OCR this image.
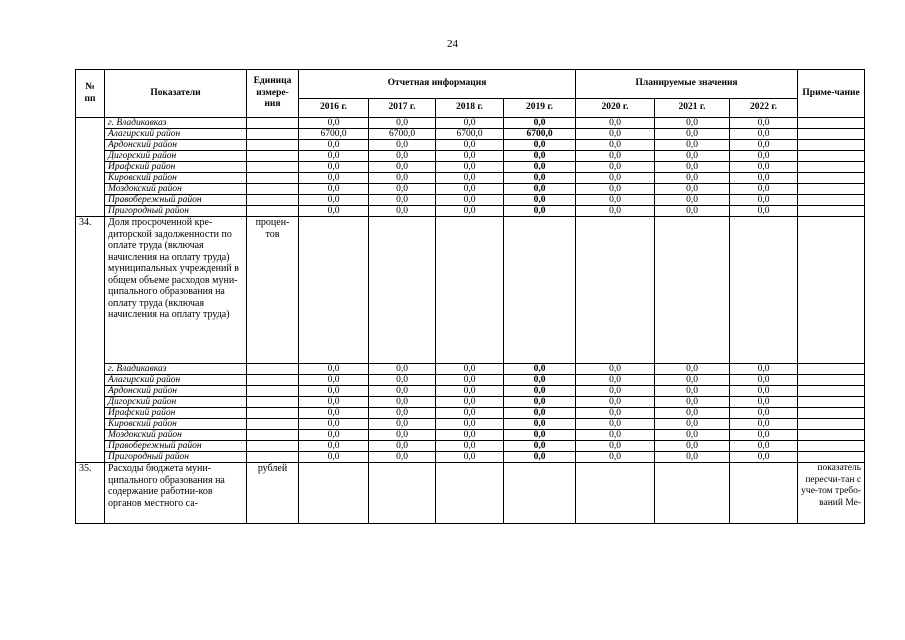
24
№ пп	Показатели	Единица измере-ния	Отчетная информация				Планируемые значения			Приме-чание
			2016 г.	2017 г.	2018 г.	2019 г.	2020 г.	2021 г.	2022 г.	
	г. Владикавказ		0,0	0,0	0,0	0,0	0,0	0,0	0,0	
	Алагирский район		6700,0	6700,0	6700,0	6700,0	0,0	0,0	0,0	
	Ардонский район		0,0	0,0	0,0	0,0	0,0	0,0	0,0	
	Дигорский район		0,0	0,0	0,0	0,0	0,0	0,0	0,0	
	Ирафский район		0,0	0,0	0,0	0,0	0,0	0,0	0,0	
	Кировский район		0,0	0,0	0,0	0,0	0,0	0,0	0,0	
	Моздокский район		0,0	0,0	0,0	0,0	0,0	0,0	0,0	
	Правобережный район		0,0	0,0	0,0	0,0	0,0	0,0	0,0	
	Пригородный район		0,0	0,0	0,0	0,0	0,0	0,0	0,0	
34.	Доля просроченной кре-диторской задолженности по оплате труда (включая начисления на оплату труда) муниципальных учреждений в общем объеме расходов муни-ципального образования на оплату труда (включая начисления на оплату труда)	процен-тов								
	г. Владикавказ		0,0	0,0	0,0	0,0	0,0	0,0	0,0	
	Алагирский район		0,0	0,0	0,0	0,0	0,0	0,0	0,0	
	Ардонский район		0,0	0,0	0,0	0,0	0,0	0,0	0,0	
	Дигорский район		0,0	0,0	0,0	0,0	0,0	0,0	0,0	
	Ирафский район		0,0	0,0	0,0	0,0	0,0	0,0	0,0	
	Кировский район		0,0	0,0	0,0	0,0	0,0	0,0	0,0	
	Моздокский район		0,0	0,0	0,0	0,0	0,0	0,0	0,0	
	Правобережный район		0,0	0,0	0,0	0,0	0,0	0,0	0,0	
	Пригородный район		0,0	0,0	0,0	0,0	0,0	0,0	0,0	
35.	Расходы бюджета муни-ципального образования на содержание работни-ков органов местного са-	рублей								показатель пересчи-тан с уче-том требо-ваний Ме-
